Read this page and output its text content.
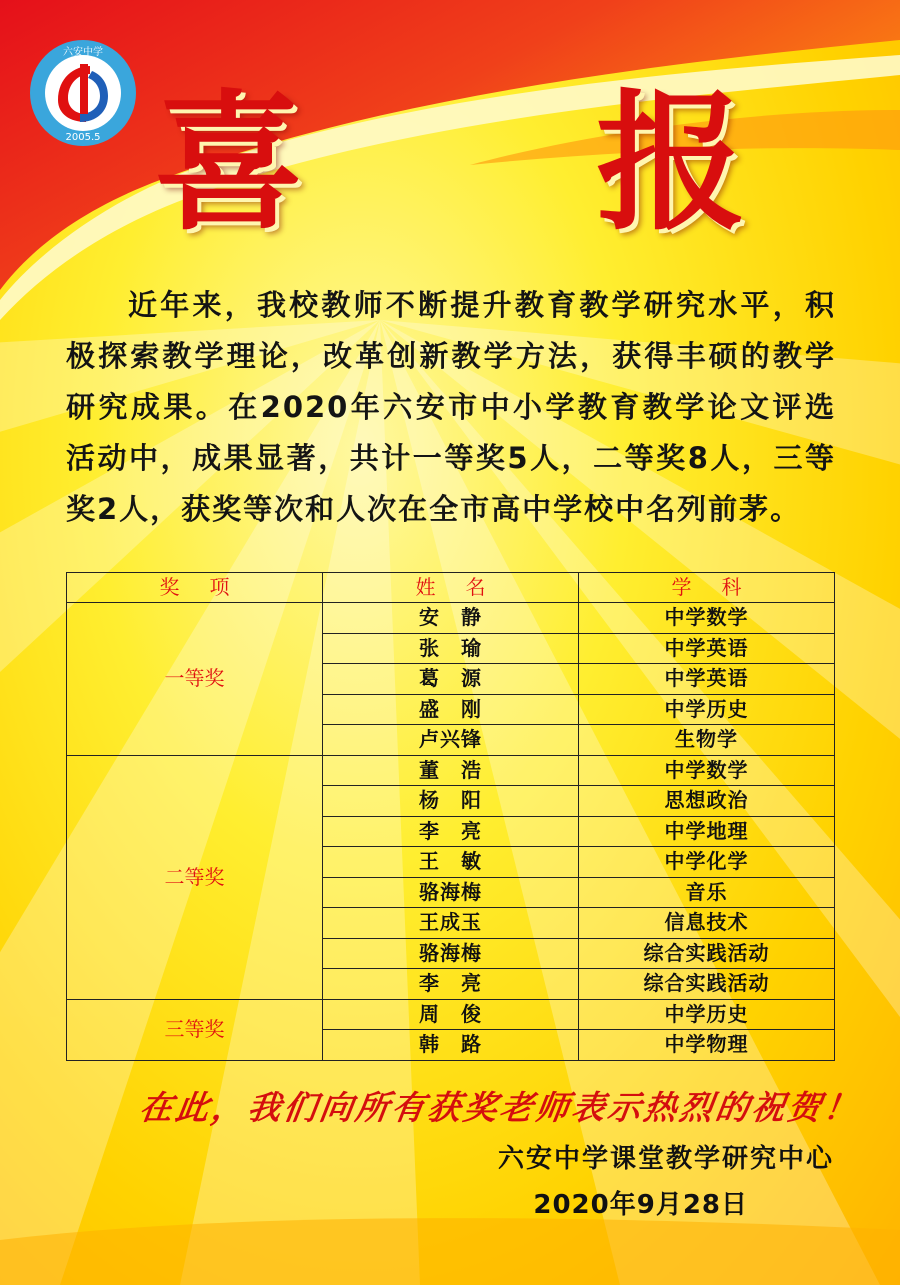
2005.5
六安中学
喜 报
近年来，我校教师不断提升教育教学研究水平，积极探索教学理论，改革创新教学方法，获得丰硕的教学研究成果。在2020年六安市中小学教育教学论文评选活动中，成果显著，共计一等奖5人，二等奖8人，三等奖2人，获奖等次和人次在全市高中学校中名列前茅。
奖项	姓名	学科
一等奖	安　静	中学数学
	张　瑜	中学英语
	葛　源	中学英语
	盛　刚	中学历史
	卢兴锋	生物学
二等奖	董　浩	中学数学
	杨　阳	思想政治
	李　亮	中学地理
	王　敏	中学化学
	骆海梅	音乐
	王成玉	信息技术
	骆海梅	综合实践活动
	李　亮	综合实践活动
三等奖	周　俊	中学历史
	韩　路	中学物理
在此，我们向所有获奖老师表示热烈的祝贺！
六安中学课堂教学研究中心
2020年9月28日
